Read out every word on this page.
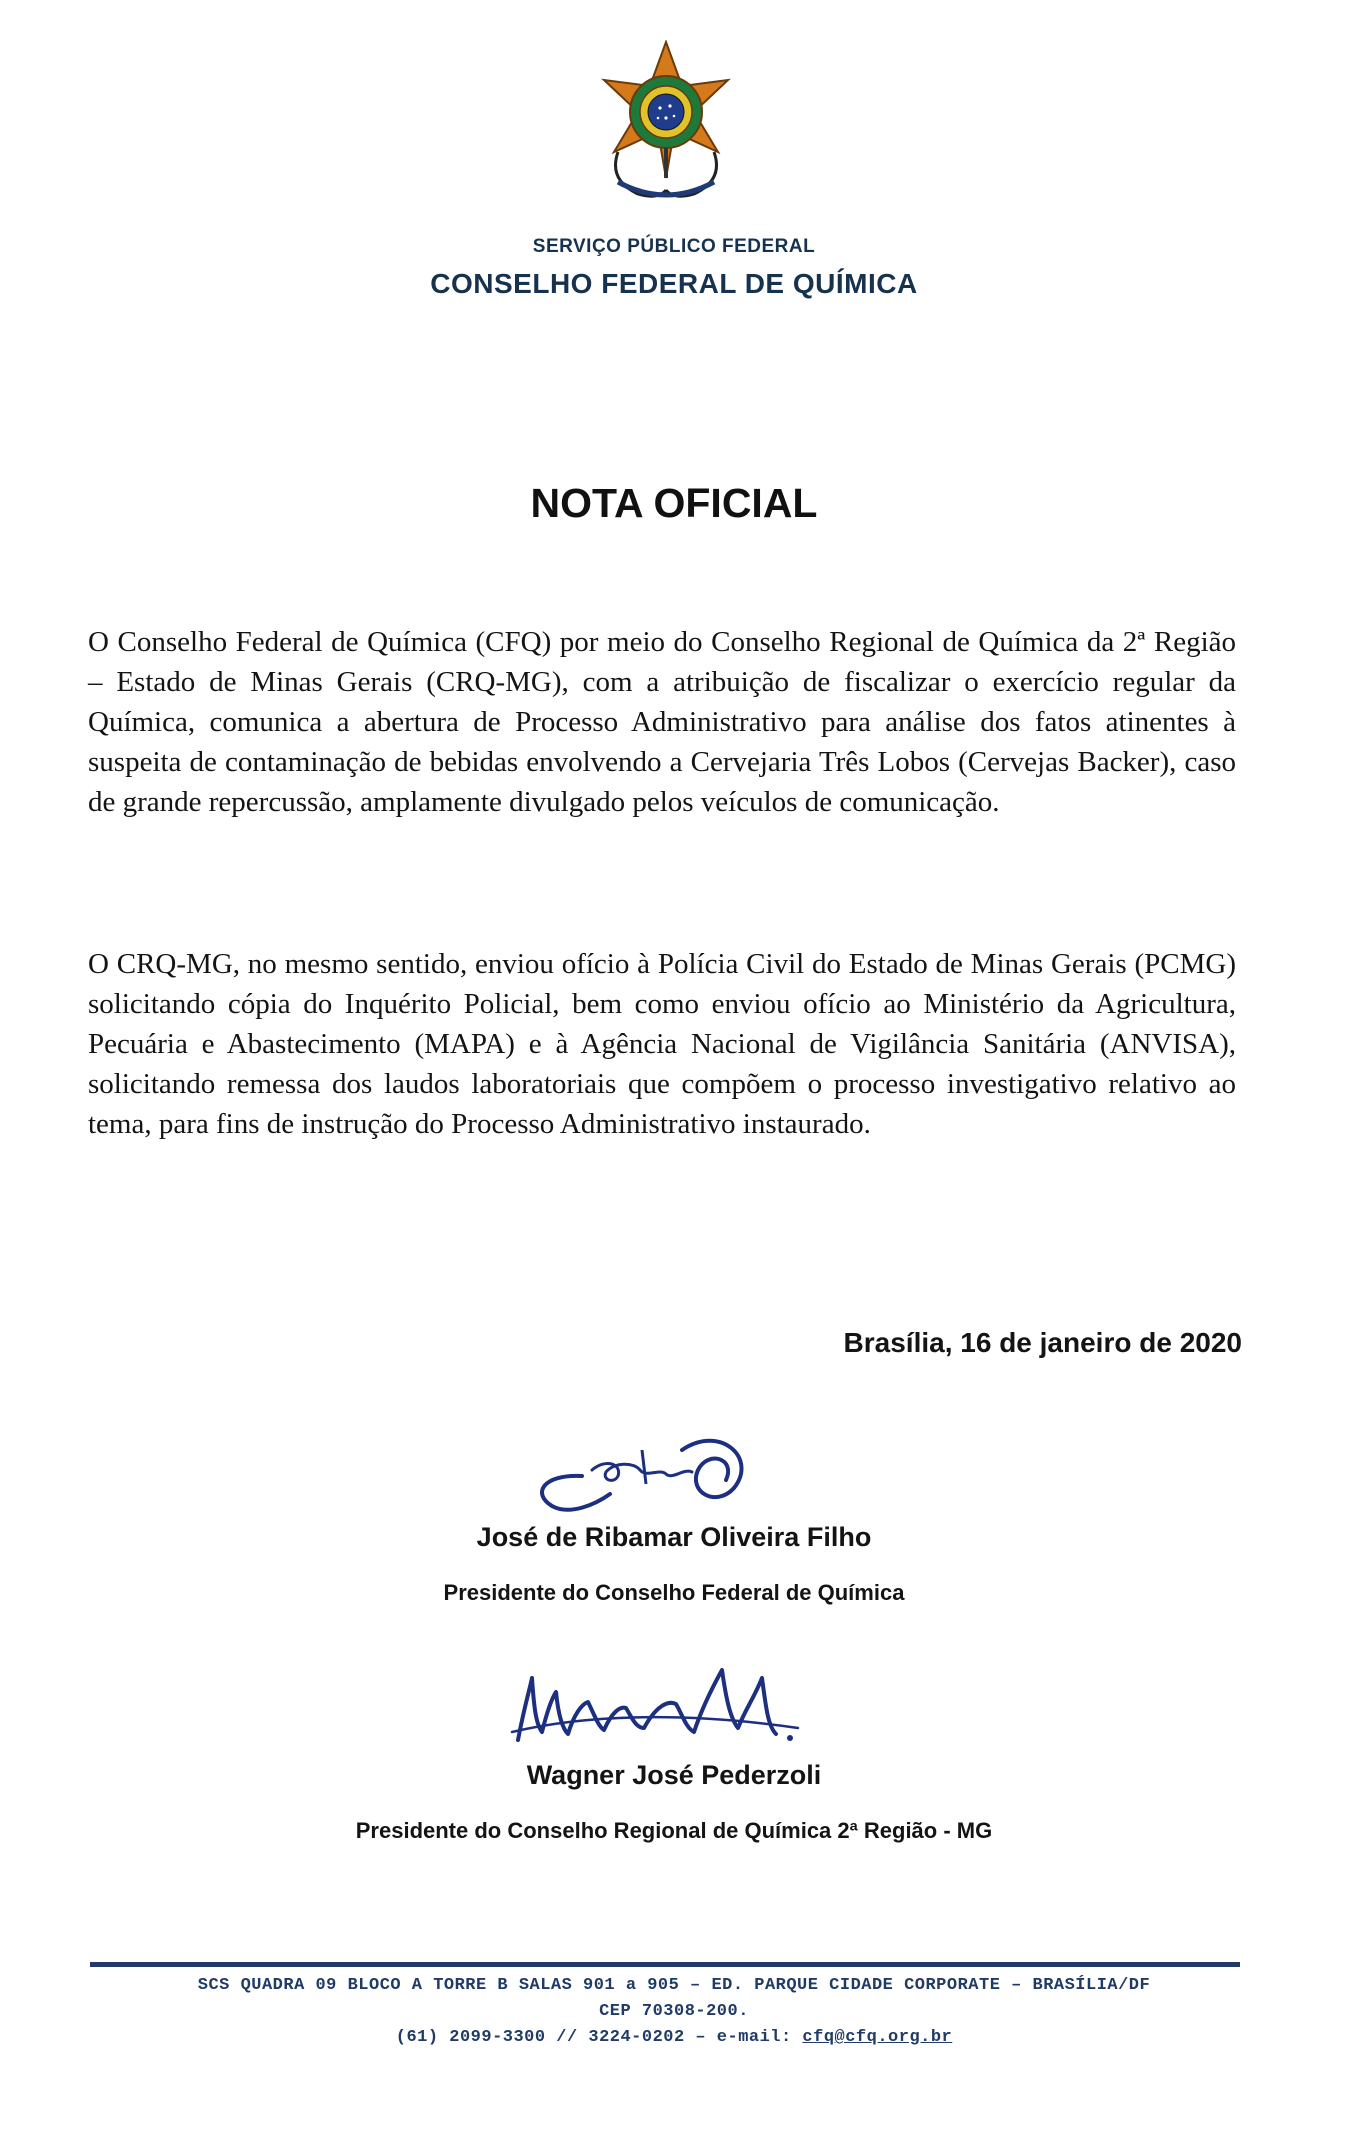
SERVIÇO PÚBLICO FEDERAL
CONSELHO FEDERAL DE QUÍMICA
NOTA OFICIAL
O Conselho Federal de Química (CFQ) por meio do Conselho Regional de Química da 2ª Região – Estado de Minas Gerais (CRQ-MG), com a atribuição de fiscalizar o exercício regular da Química, comunica a abertura de Processo Administrativo para análise dos fatos atinentes à suspeita de contaminação de bebidas envolvendo a Cervejaria Três Lobos (Cervejas Backer), caso de grande repercussão, amplamente divulgado pelos veículos de comunicação.
O CRQ-MG, no mesmo sentido, enviou ofício à Polícia Civil do Estado de Minas Gerais (PCMG) solicitando cópia do Inquérito Policial, bem como enviou ofício ao Ministério da Agricultura, Pecuária e Abastecimento (MAPA) e à Agência Nacional de Vigilância Sanitária (ANVISA), solicitando remessa dos laudos laboratoriais que compõem o processo investigativo relativo ao tema, para fins de instrução do Processo Administrativo instaurado.
Brasília, 16 de janeiro de 2020
José de Ribamar Oliveira Filho
Presidente do Conselho Federal de Química
Wagner José Pederzoli
Presidente do Conselho Regional de Química 2ª Região - MG
SCS QUADRA 09 BLOCO A TORRE B SALAS 901 a 905 – ED. PARQUE CIDADE CORPORATE – BRASÍLIA/DF
CEP 70308-200.
(61) 2099-3300 // 3224-0202 – e-mail: cfq@cfq.org.br
